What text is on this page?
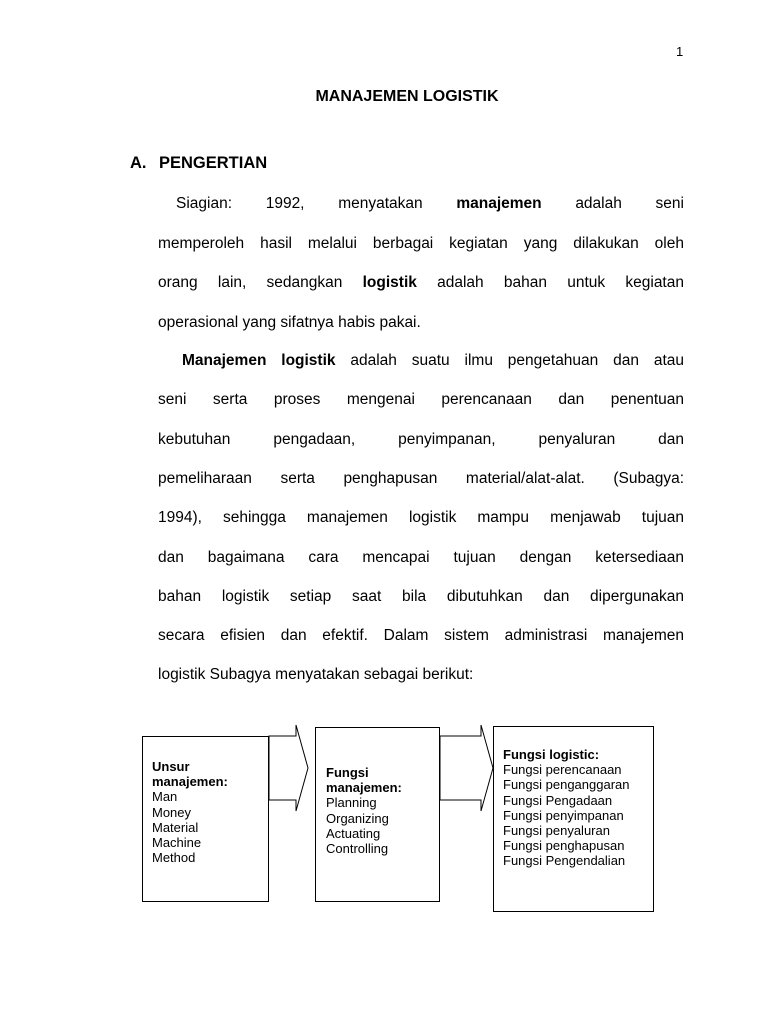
1
MANAJEMEN LOGISTIK
A. PENGERTIAN
Siagian: 1992, menyatakan manajemen adalah seni
memperoleh hasil melalui berbagai kegiatan yang dilakukan oleh
orang lain, sedangkan logistik adalah bahan untuk kegiatan
operasional yang sifatnya habis pakai.
Manajemen logistik adalah suatu ilmu pengetahuan dan atau
seni serta proses mengenai perencanaan dan penentuan
kebutuhan pengadaan, penyimpanan, penyaluran dan
pemeliharaan serta penghapusan material/alat-alat. (Subagya:
1994), sehingga manajemen logistik mampu menjawab tujuan
dan bagaimana cara mencapai tujuan dengan ketersediaan
bahan logistik setiap saat bila dibutuhkan dan dipergunakan
secara efisien dan efektif. Dalam sistem administrasi manajemen
logistik Subagya menyatakan sebagai berikut:
Unsur
manajemen:
Man
Money
Material
Machine
Method
Fungsi
manajemen:
Planning
Organizing
Actuating
Controlling
Fungsi logistic:
Fungsi perencanaan
Fungsi penganggaran
Fungsi Pengadaan
Fungsi penyimpanan
Fungsi penyaluran
Fungsi penghapusan
Fungsi Pengendalian
